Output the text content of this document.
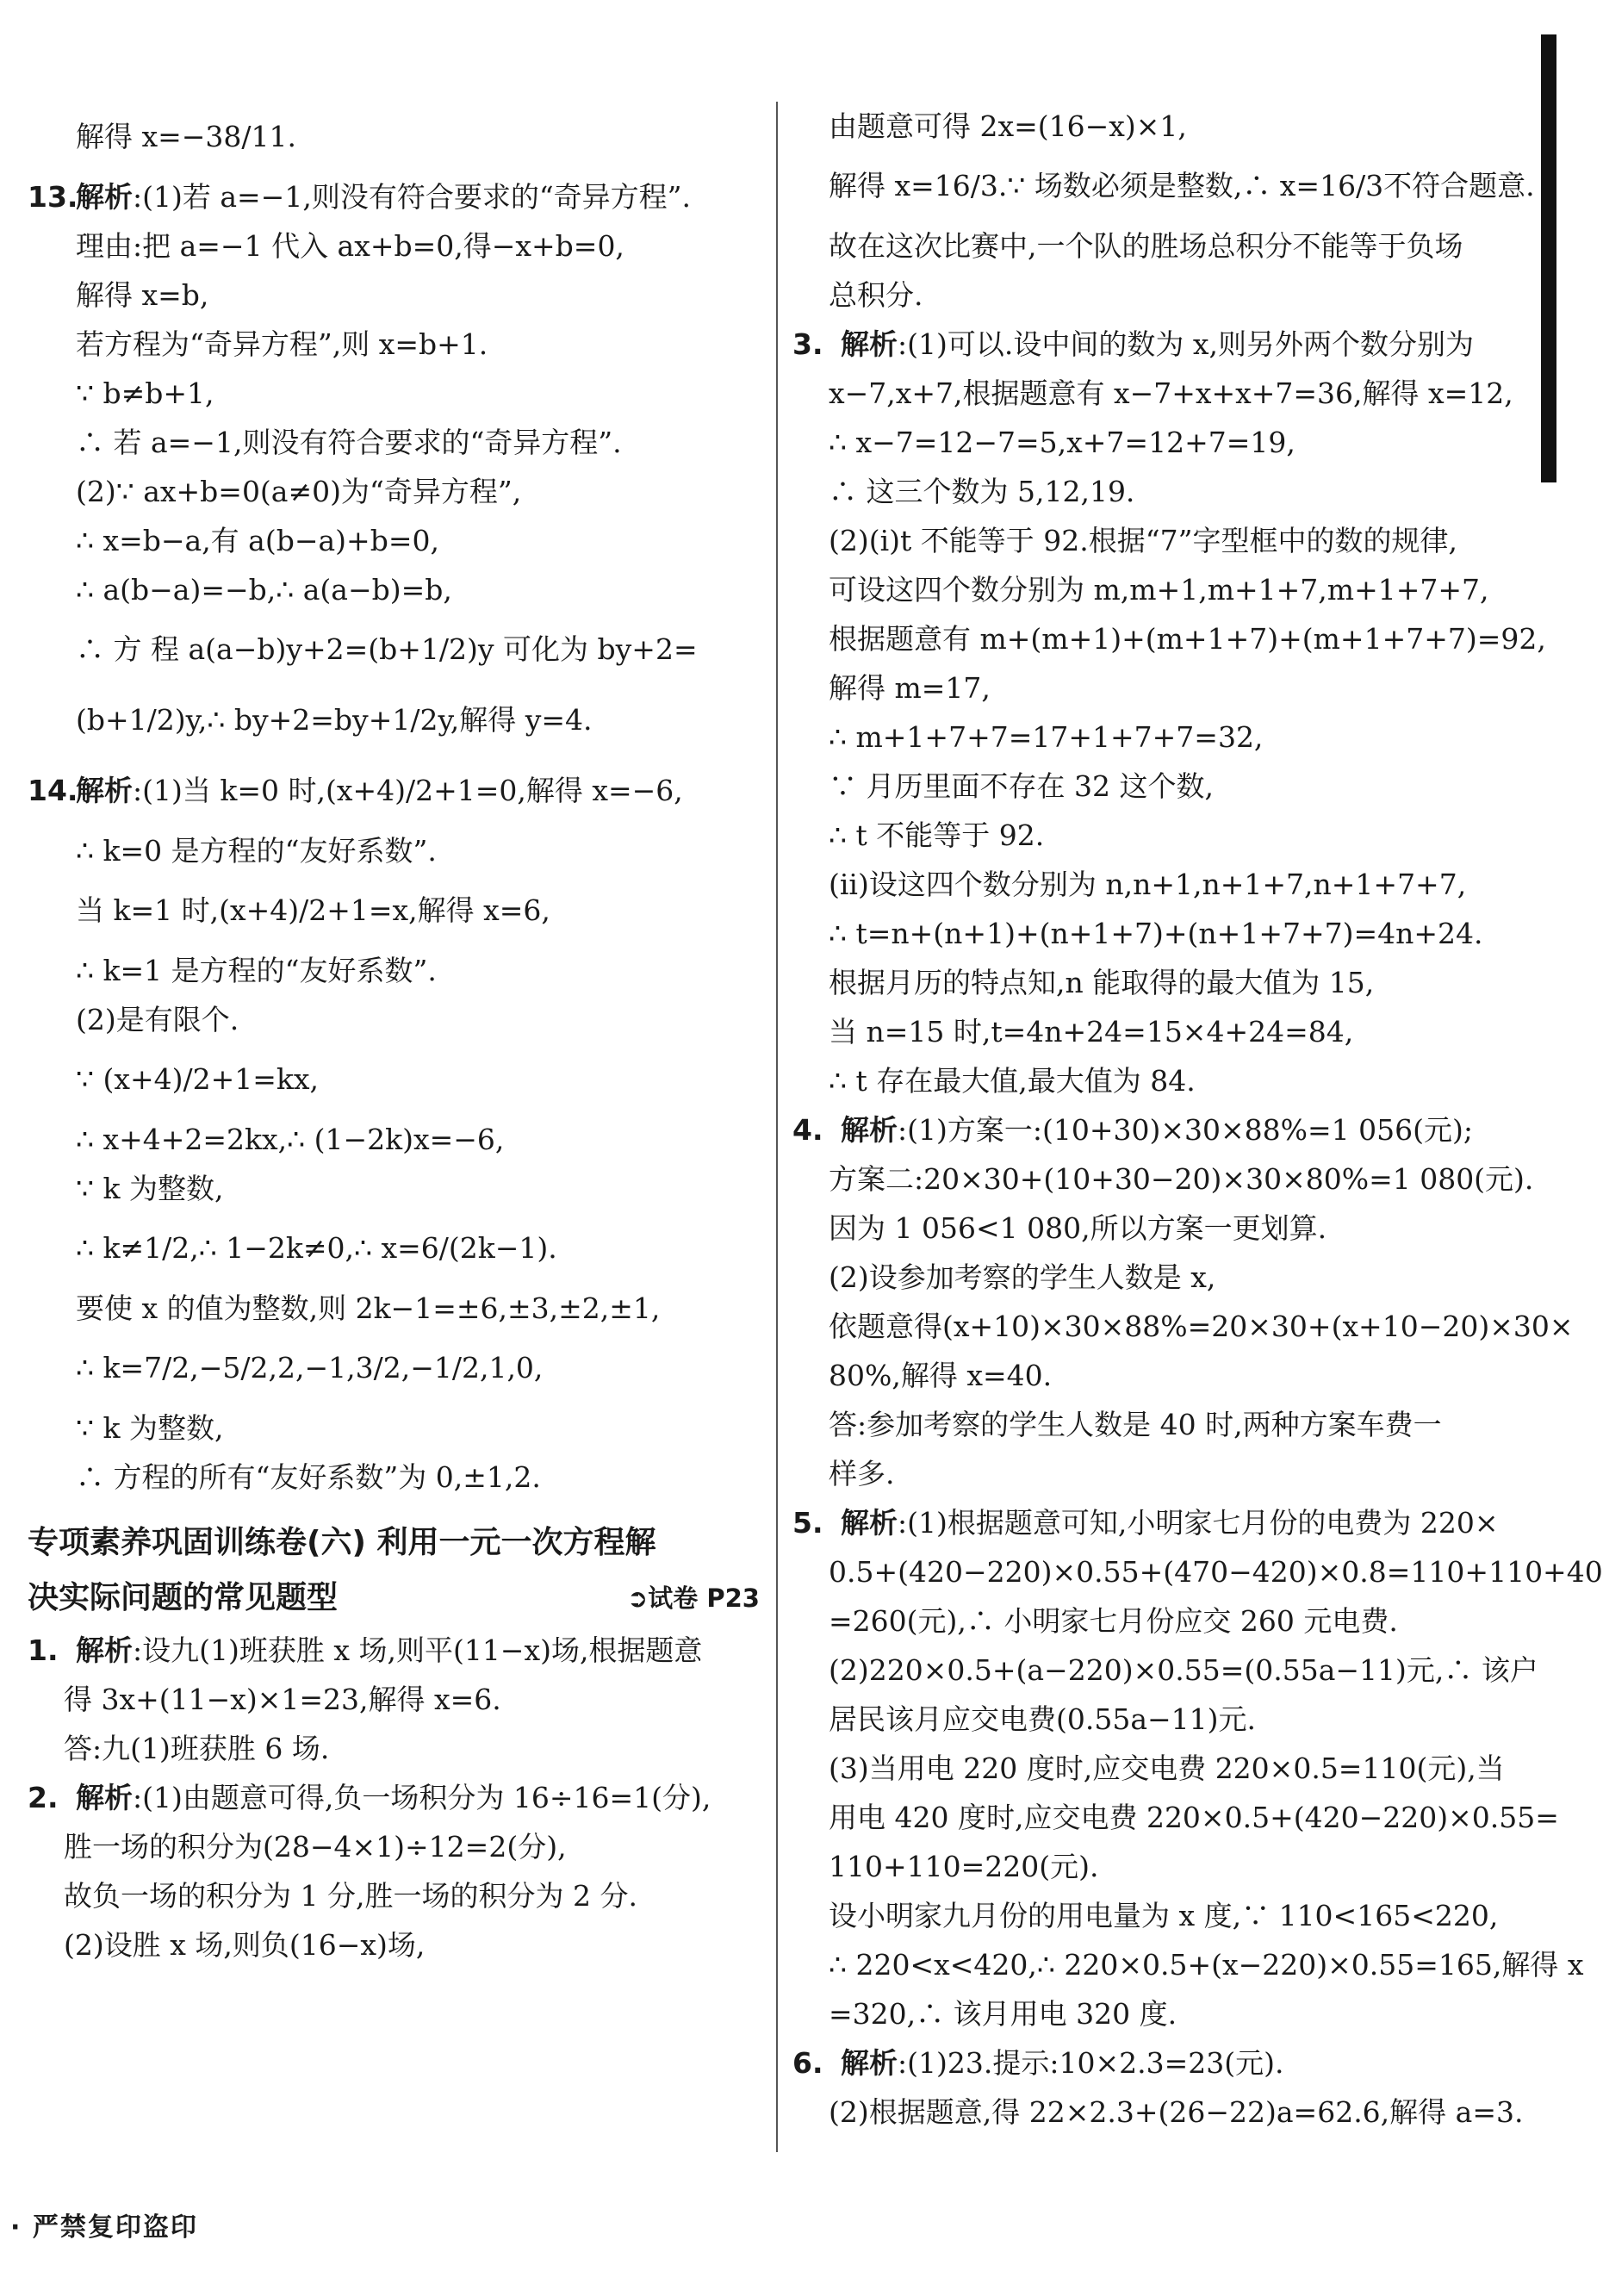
解得 x=−38/11.
13.解析:(1)若 a=−1,则没有符合要求的“奇异方程”.
理由:把 a=−1 代入 ax+b=0,得−x+b=0,
解得 x=b,
若方程为“奇异方程”,则 x=b+1.
∵ b≠b+1,
∴ 若 a=−1,则没有符合要求的“奇异方程”.
(2)∵ ax+b=0(a≠0)为“奇异方程”,
∴ x=b−a,有 a(b−a)+b=0,
∴ a(b−a)=−b,∴ a(a−b)=b,
∴ 方 程 a(a−b)y+2=(b+1/2)y 可化为 by+2=
(b+1/2)y,∴ by+2=by+1/2y,解得 y=4.
14.解析:(1)当 k=0 时,(x+4)/2+1=0,解得 x=−6,
∴ k=0 是方程的“友好系数”.
当 k=1 时,(x+4)/2+1=x,解得 x=6,
∴ k=1 是方程的“友好系数”.
(2)是有限个.
∵ (x+4)/2+1=kx,
∴ x+4+2=2kx,∴ (1−2k)x=−6,
∵ k 为整数,
∴ k≠1/2,∴ 1−2k≠0,∴ x=6/(2k−1).
要使 x 的值为整数,则 2k−1=±6,±3,±2,±1,
∴ k=7/2,−5/2,2,−1,3/2,−1/2,1,0,
∵ k 为整数,
∴ 方程的所有“友好系数”为 0,±1,2.
专项素养巩固训练卷(六) 利用一元一次方程解
决实际问题的常见题型	➲试卷 P23
1. 解析:设九(1)班获胜 x 场,则平(11−x)场,根据题意
得 3x+(11−x)×1=23,解得 x=6.
答:九(1)班获胜 6 场.
2. 解析:(1)由题意可得,负一场积分为 16÷16=1(分),
胜一场的积分为(28−4×1)÷12=2(分),
故负一场的积分为 1 分,胜一场的积分为 2 分.
(2)设胜 x 场,则负(16−x)场,
由题意可得 2x=(16−x)×1,
解得 x=16/3.∵ 场数必须是整数,∴ x=16/3不符合题意.
故在这次比赛中,一个队的胜场总积分不能等于负场
总积分.
3. 解析:(1)可以.设中间的数为 x,则另外两个数分别为
x−7,x+7,根据题意有 x−7+x+x+7=36,解得 x=12,
∴ x−7=12−7=5,x+7=12+7=19,
∴ 这三个数为 5,12,19.
(2)(i)t 不能等于 92.根据“7”字型框中的数的规律,
可设这四个数分别为 m,m+1,m+1+7,m+1+7+7,
根据题意有 m+(m+1)+(m+1+7)+(m+1+7+7)=92,
解得 m=17,
∴ m+1+7+7=17+1+7+7=32,
∵ 月历里面不存在 32 这个数,
∴ t 不能等于 92.
(ii)设这四个数分别为 n,n+1,n+1+7,n+1+7+7,
∴ t=n+(n+1)+(n+1+7)+(n+1+7+7)=4n+24.
根据月历的特点知,n 能取得的最大值为 15,
当 n=15 时,t=4n+24=15×4+24=84,
∴ t 存在最大值,最大值为 84.
4. 解析:(1)方案一:(10+30)×30×88%=1 056(元);
方案二:20×30+(10+30−20)×30×80%=1 080(元).
因为 1 056<1 080,所以方案一更划算.
(2)设参加考察的学生人数是 x,
依题意得(x+10)×30×88%=20×30+(x+10−20)×30×
80%,解得 x=40.
答:参加考察的学生人数是 40 时,两种方案车费一
样多.
5. 解析:(1)根据题意可知,小明家七月份的电费为 220×
0.5+(420−220)×0.55+(470−420)×0.8=110+110+40
=260(元),∴ 小明家七月份应交 260 元电费.
(2)220×0.5+(a−220)×0.55=(0.55a−11)元,∴ 该户
居民该月应交电费(0.55a−11)元.
(3)当用电 220 度时,应交电费 220×0.5=110(元),当
用电 420 度时,应交电费 220×0.5+(420−220)×0.55=
110+110=220(元).
设小明家九月份的用电量为 x 度,∵ 110<165<220,
∴ 220<x<420,∴ 220×0.5+(x−220)×0.55=165,解得 x
=320,∴ 该月用电 320 度.
6. 解析:(1)23.提示:10×2.3=23(元).
(2)根据题意,得 22×2.3+(26−22)a=62.6,解得 a=3.
· 严禁复印盗印
